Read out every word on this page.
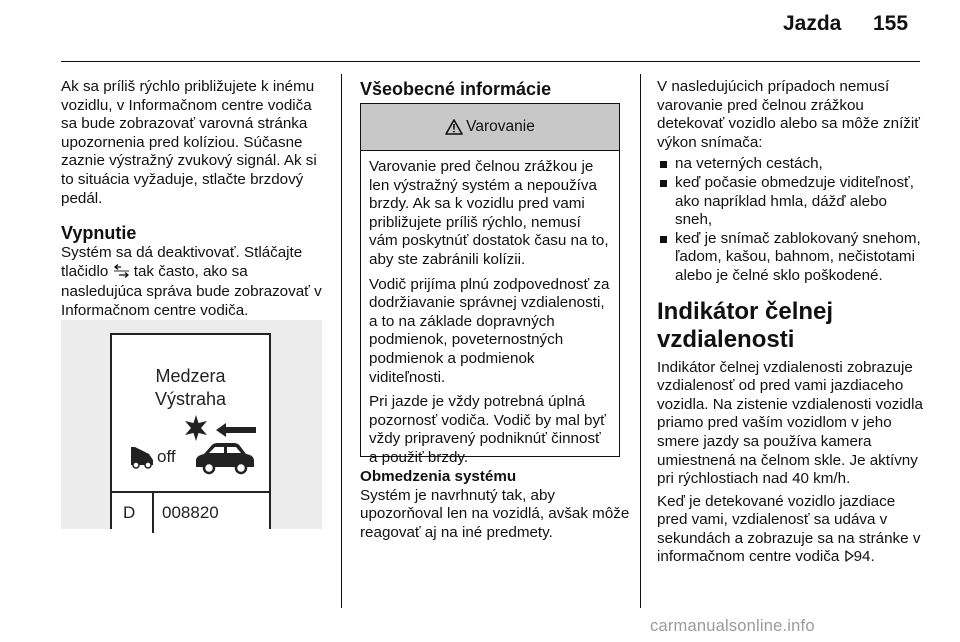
Jazda 155

Ak sa príliš rýchlo približujete k inému vozidlu, v Informačnom centre vodiča sa bude zobrazovať varovná stránka upozornenia pred kolíziou. Súčasne zaznie výstražný zvukový signál. Ak si to situácia vyžaduje, stlačte brzdový pedál.

Vypnutie

Systém sa dá deaktivovať. Stláčajte tlačidlo tak často, ako sa nasledujúca správa bude zobrazovať v Informačnom centre vodiča.

Medzera
Výstraha
off
D 008820
Všeobecné informácie
Varovanie

Varovanie pred čelnou zrážkou je len výstražný systém a nepoužíva brzdy. Ak sa k vozidlu pred vami približujete príliš rýchlo, nemusí vám poskytnúť dostatok času na to, aby ste zabránili kolízii.

Vodič prijíma plnú zodpovednosť za dodržiavanie správnej vzdialenosti, a to na základe dopravných podmienok, poveternostných podmienok a podmienok viditeľnosti.

Pri jazde je vždy potrebná úplná pozornosť vodiča. Vodič by mal byť vždy pripravený podniknúť činnosť a použiť brzdy.

Obmedzenia systému

Systém je navrhnutý tak, aby upozorňoval len na vozidlá, avšak môže reagovať aj na iné predmety.

V nasledujúcich prípadoch nemusí varovanie pred čelnou zrážkou detekovať vozidlo alebo sa môže znížiť výkon snímača:

na veterných cestách,
keď počasie obmedzuje viditeľnosť, ako napríklad hmla, dážď alebo sneh,
keď je snímač zablokovaný snehom, ľadom, kašou, bahnom, nečistotami alebo je čelné sklo poškodené.
Indikátor čelnej vzdialenosti

Indikátor čelnej vzdialenosti zobrazuje vzdialenosť od pred vami jazdiaceho vozidla. Na zistenie vzdialenosti vozidla priamo pred vaším vozidlom v jeho smere jazdy sa používa kamera umiestnená na čelnom skle. Je aktívny pri rýchlostiach nad 40 km/h.

Keď je detekované vozidlo jazdiace pred vami, vzdialenosť sa udáva v sekundách a zobrazuje sa na stránke v informačnom centre vodiča 94.

carmanualsonline.info
